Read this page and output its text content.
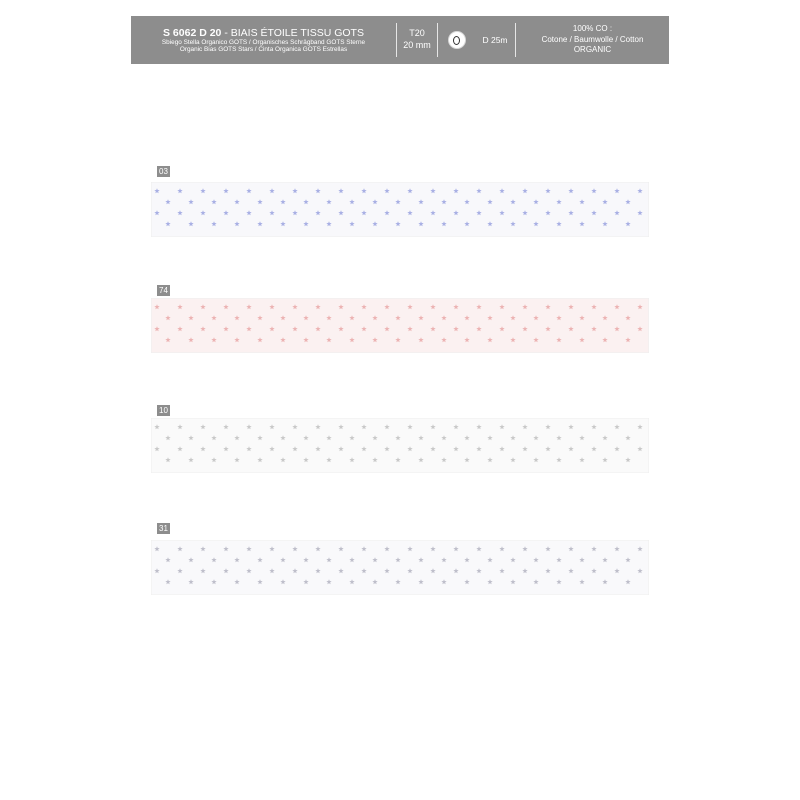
S 6062 D 20 - BIAIS ÉTOILE TISSU GOTS
Sbiego Stella Organico GOTS / Organisches Schrägband GOTS Sterne
Organic Bias GOTS Stars / Cinta Organica GOTS Estrellas
T20
20 mm	D 25m
100% CO :
Cotone / Baumwolle / Cotton
ORGANIC
03
74
10
31
